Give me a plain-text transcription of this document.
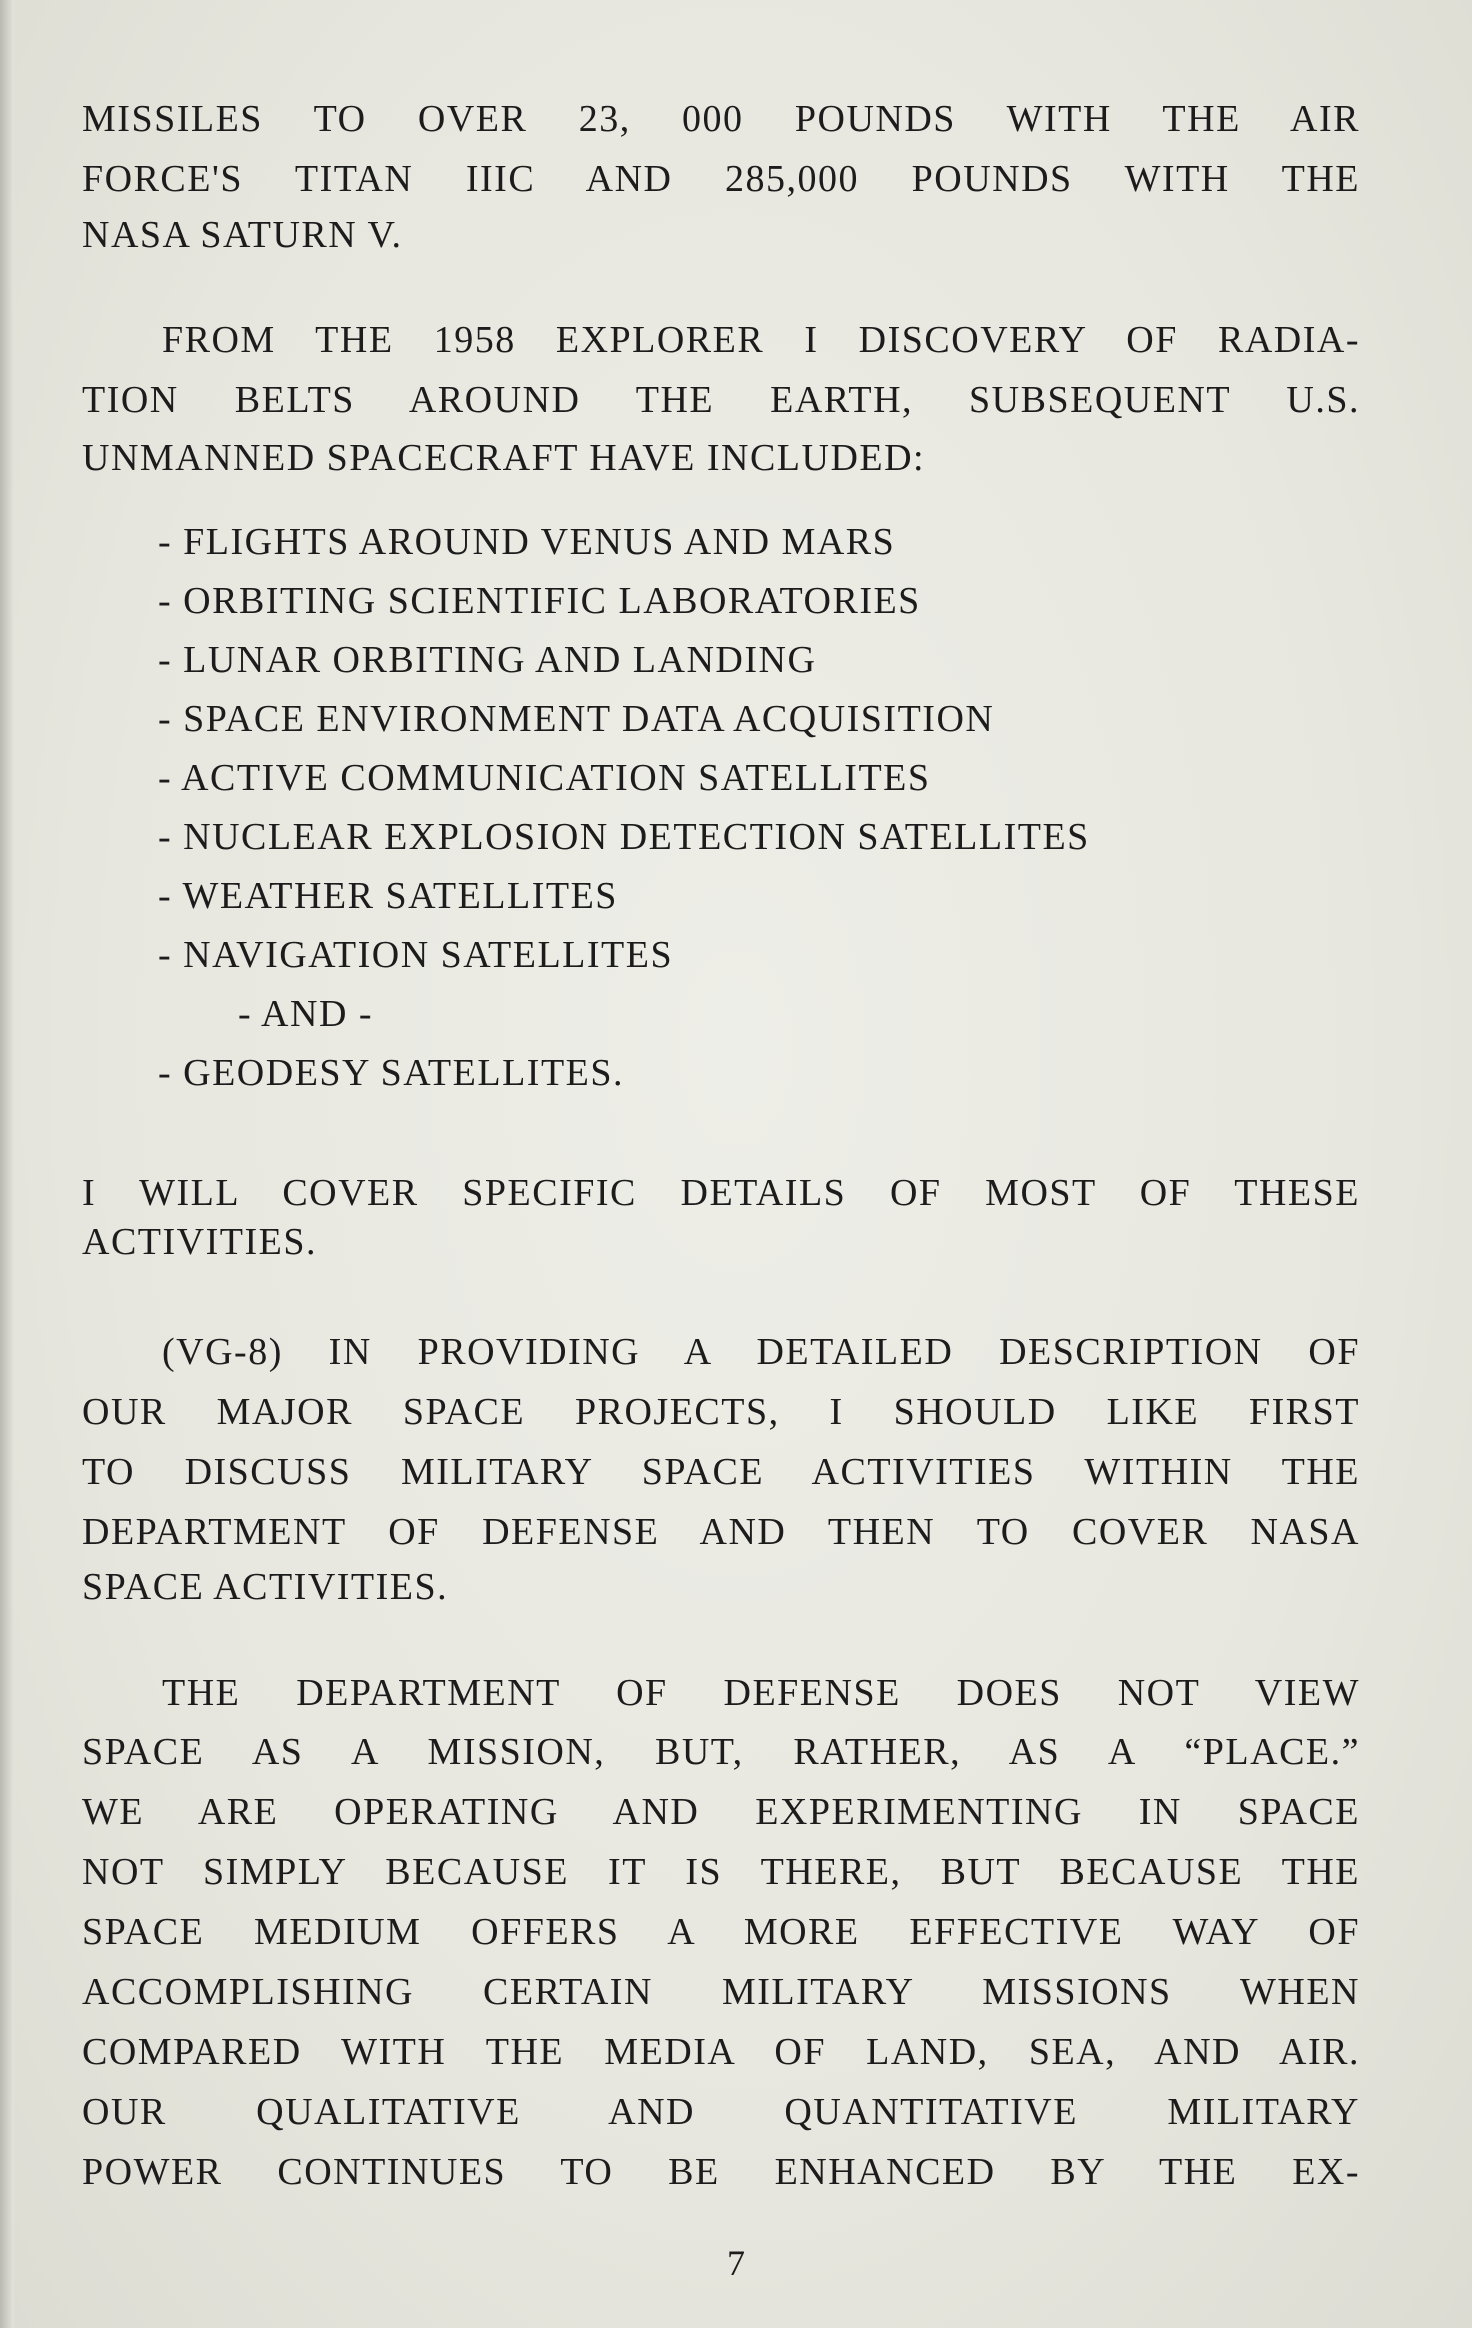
MISSILES TO OVER 23, 000 POUNDS WITH THE AIR

FORCE'S TITAN IIIC AND 285,000 POUNDS WITH THE

NASA SATURN V.

FROM THE 1958 EXPLORER I DISCOVERY OF RADIA-

TION BELTS AROUND THE EARTH, SUBSEQUENT U.S.

UNMANNED SPACECRAFT HAVE INCLUDED:

- FLIGHTS AROUND VENUS AND MARS

- ORBITING SCIENTIFIC LABORATORIES

- LUNAR ORBITING AND LANDING

- SPACE ENVIRONMENT DATA ACQUISITION

- ACTIVE COMMUNICATION SATELLITES

- NUCLEAR EXPLOSION DETECTION SATELLITES

- WEATHER SATELLITES

- NAVIGATION SATELLITES

- AND -

- GEODESY SATELLITES.

I WILL COVER SPECIFIC DETAILS OF MOST OF THESE

ACTIVITIES.

(VG-8) IN PROVIDING A DETAILED DESCRIPTION OF

OUR MAJOR SPACE PROJECTS, I SHOULD LIKE FIRST

TO DISCUSS MILITARY SPACE ACTIVITIES WITHIN THE

DEPARTMENT OF DEFENSE AND THEN TO COVER NASA

SPACE ACTIVITIES.

THE DEPARTMENT OF DEFENSE DOES NOT VIEW

SPACE AS A MISSION, BUT, RATHER, AS A “PLACE.”

WE ARE OPERATING AND EXPERIMENTING IN SPACE

NOT SIMPLY BECAUSE IT IS THERE, BUT BECAUSE THE

SPACE MEDIUM OFFERS A MORE EFFECTIVE WAY OF

ACCOMPLISHING CERTAIN MILITARY MISSIONS WHEN

COMPARED WITH THE MEDIA OF LAND, SEA, AND AIR.

OUR QUALITATIVE AND QUANTITATIVE MILITARY

POWER CONTINUES TO BE ENHANCED BY THE EX-

7
